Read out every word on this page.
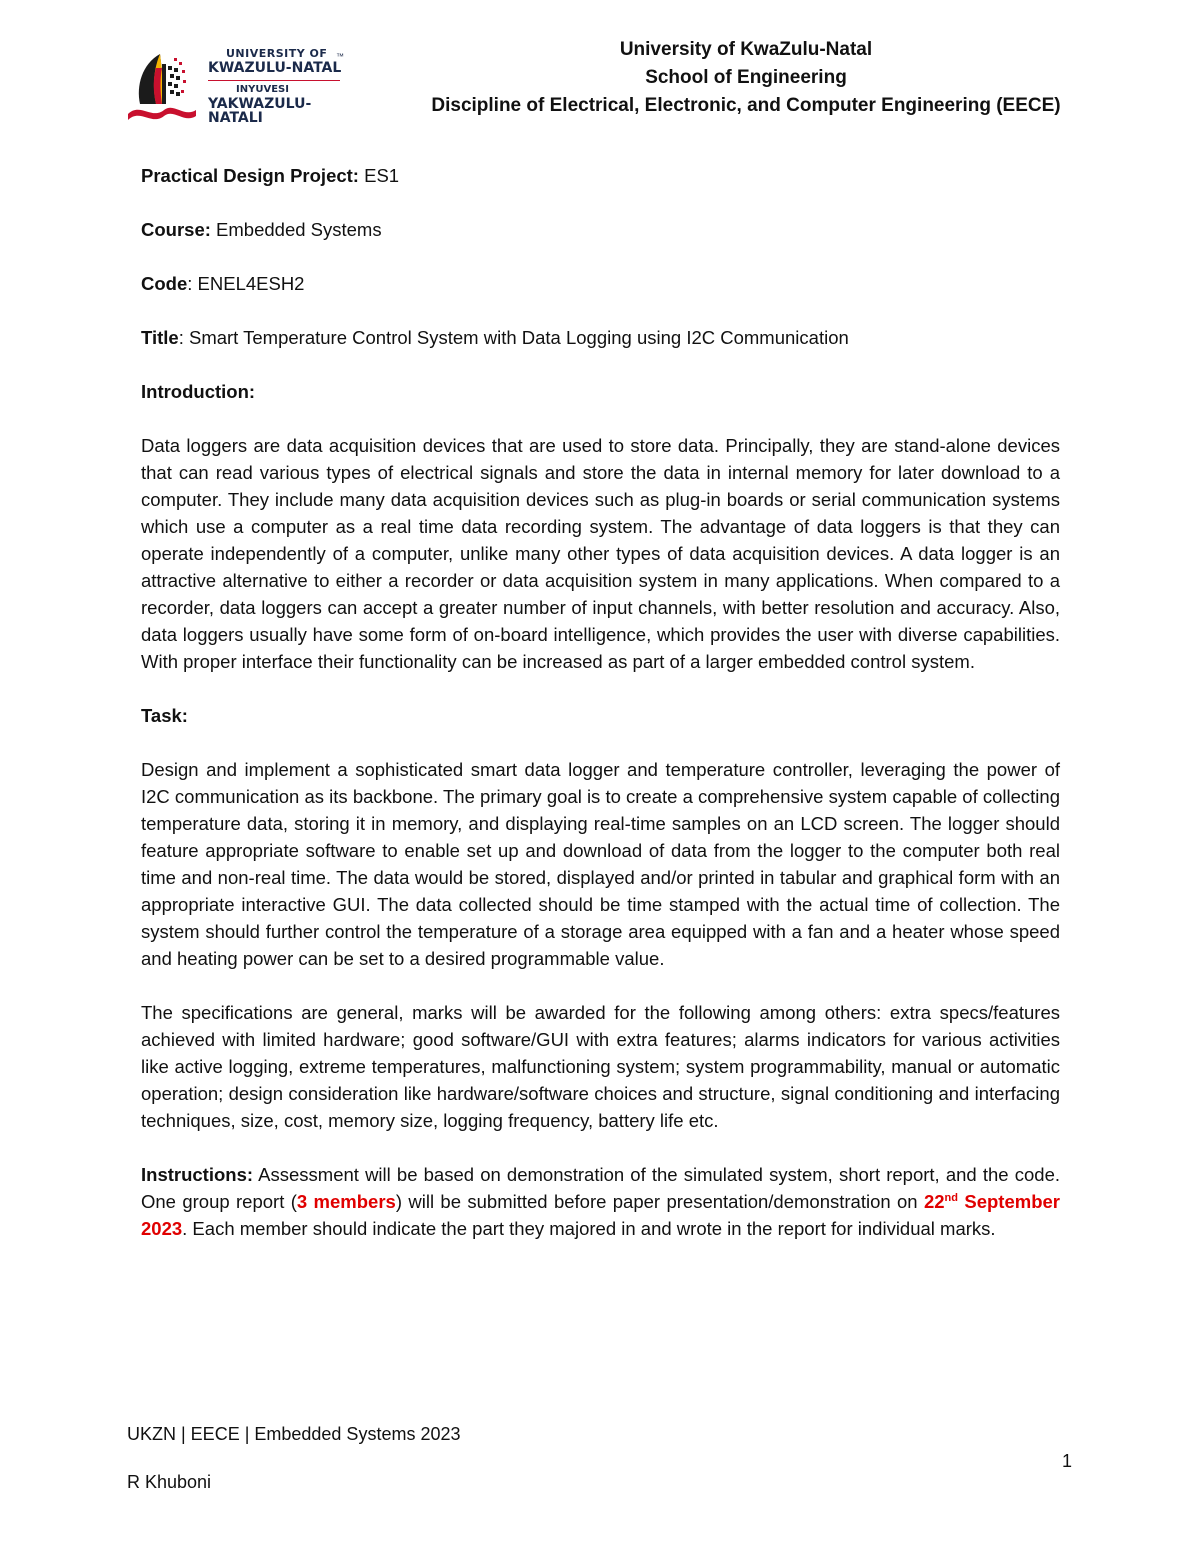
UNIVERSITY OF
KWAZULU-NATAL
INYUVESI
YAKWAZULU-NATALI
™	University of KwaZulu-Natal
School of Engineering
Discipline of Electrical, Electronic, and Computer Engineering (EECE)

Practical Design Project: ES1

Course: Embedded Systems

Code: ENEL4ESH2

Title: Smart Temperature Control System with Data Logging using I2C Communication

Introduction:

Data loggers are data acquisition devices that are used to store data. Principally, they are stand-alone devices that can read various types of electrical signals and store the data in internal memory for later download to a computer. They include many data acquisition devices such as plug-in boards or serial communication systems which use a computer as a real time data recording system. The advantage of data loggers is that they can operate independently of a computer, unlike many other types of data acquisition devices. A data logger is an attractive alternative to either a recorder or data acquisition system in many applications. When compared to a recorder, data loggers can accept a greater number of input channels, with better resolution and accuracy. Also, data loggers usually have some form of on-board intelligence, which provides the user with diverse capabilities. With proper interface their functionality can be increased as part of a larger embedded control system.

Task:

Design and implement a sophisticated smart data logger and temperature controller, leveraging the power of I2C communication as its backbone. The primary goal is to create a comprehensive system capable of collecting temperature data, storing it in memory, and displaying real-time samples on an LCD screen. The logger should feature appropriate software to enable set up and download of data from the logger to the computer both real time and non-real time. The data would be stored, displayed and/or printed in tabular and graphical form with an appropriate interactive GUI. The data collected should be time stamped with the actual time of collection. The system should further control the temperature of a storage area equipped with a fan and a heater whose speed and heating power can be set to a desired programmable value.

The specifications are general, marks will be awarded for the following among others: extra specs/features achieved with limited hardware; good software/GUI with extra features; alarms indicators for various activities like active logging, extreme temperatures, malfunctioning system; system programmability, manual or automatic operation; design consideration like hardware/software choices and structure, signal conditioning and interfacing techniques, size, cost, memory size, logging frequency, battery life etc.

Instructions: Assessment will be based on demonstration of the simulated system, short report, and the code. One group report (3 members) will be submitted before paper presentation/demonstration on 22nd September 2023. Each member should indicate the part they majored in and wrote in the report for individual marks.

UKZN | EECE | Embedded Systems 2023
R Khuboni
1
